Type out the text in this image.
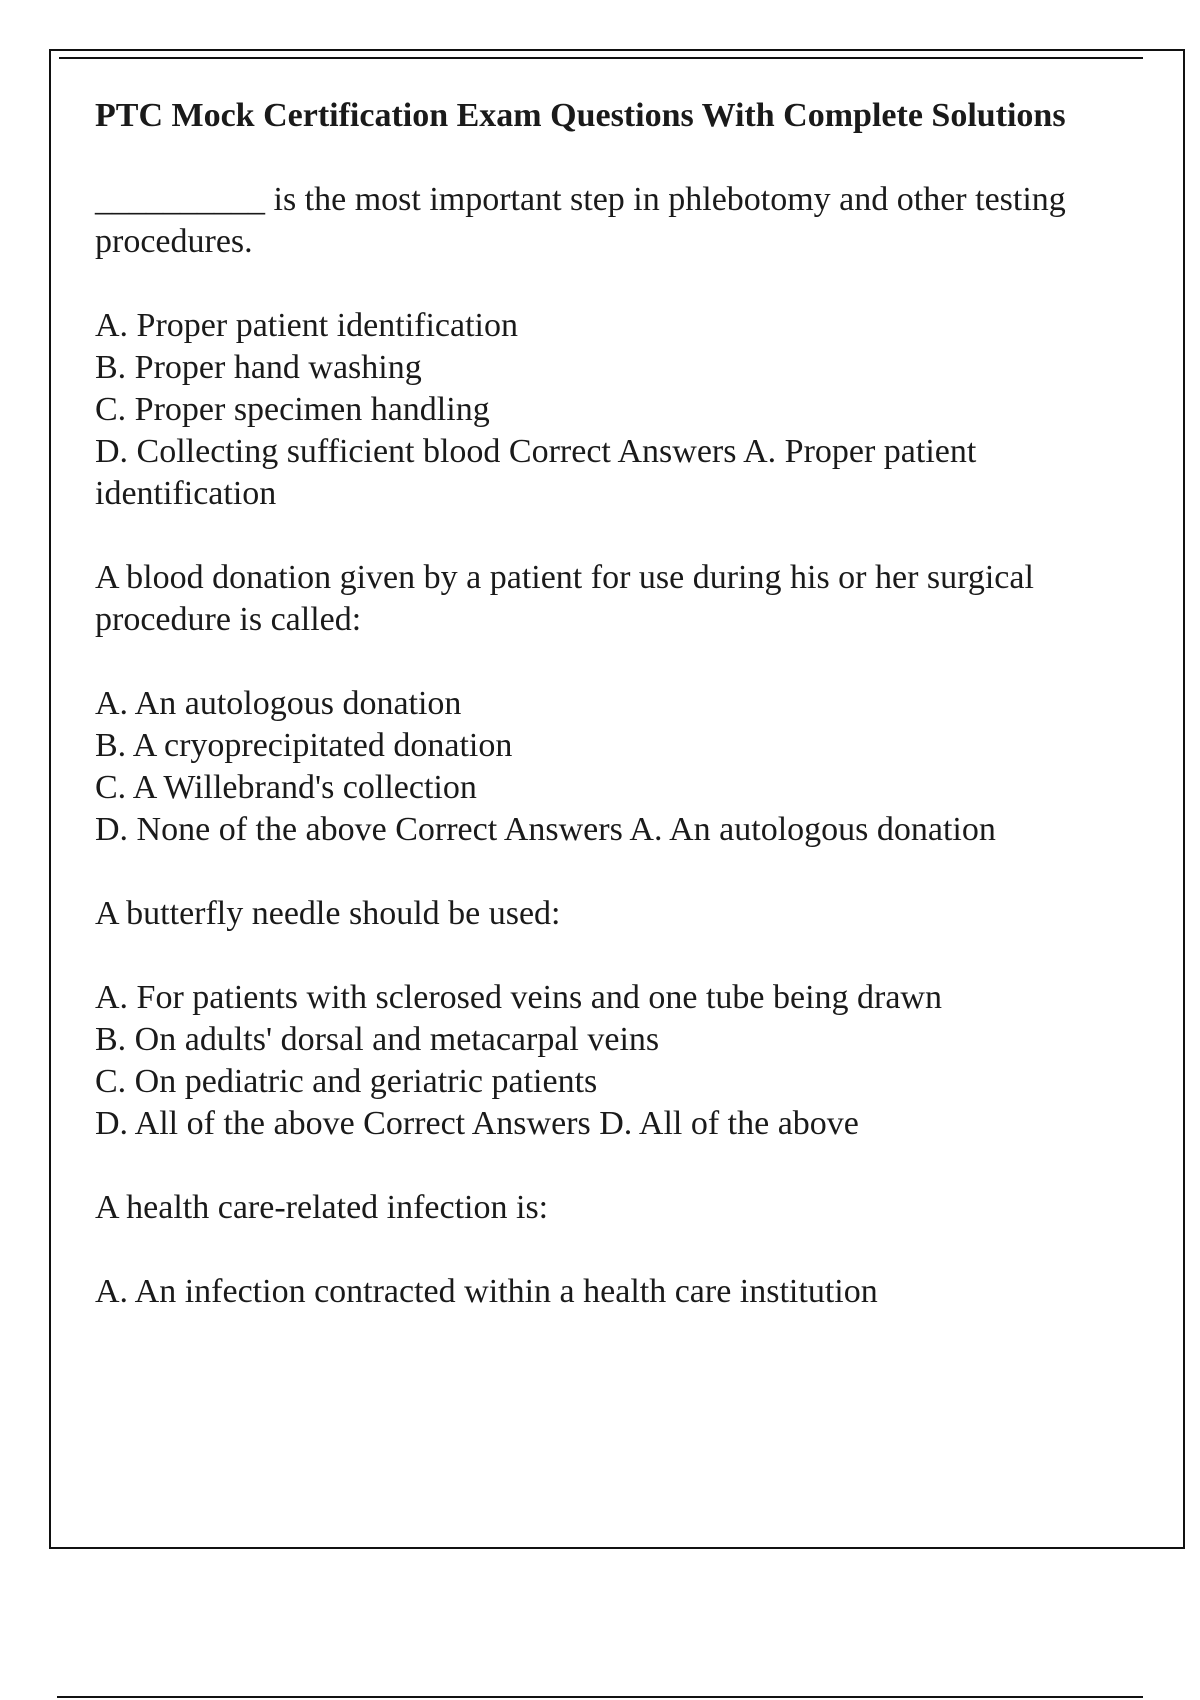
PTC Mock Certification Exam Questions With Complete Solutions
__________ is the most important step in phlebotomy and other testing procedures.
A. Proper patient identification
B. Proper hand washing
C. Proper specimen handling
D. Collecting sufficient blood Correct Answers A. Proper patient identification
A blood donation given by a patient for use during his or her surgical procedure is called:
A. An autologous donation
B. A cryoprecipitated donation
C. A Willebrand's collection
D. None of the above Correct Answers A. An autologous donation
A butterfly needle should be used:
A. For patients with sclerosed veins and one tube being drawn
B. On adults' dorsal and metacarpal veins
C. On pediatric and geriatric patients
D. All of the above Correct Answers D. All of the above
A health care-related infection is:
A. An infection contracted within a health care institution
